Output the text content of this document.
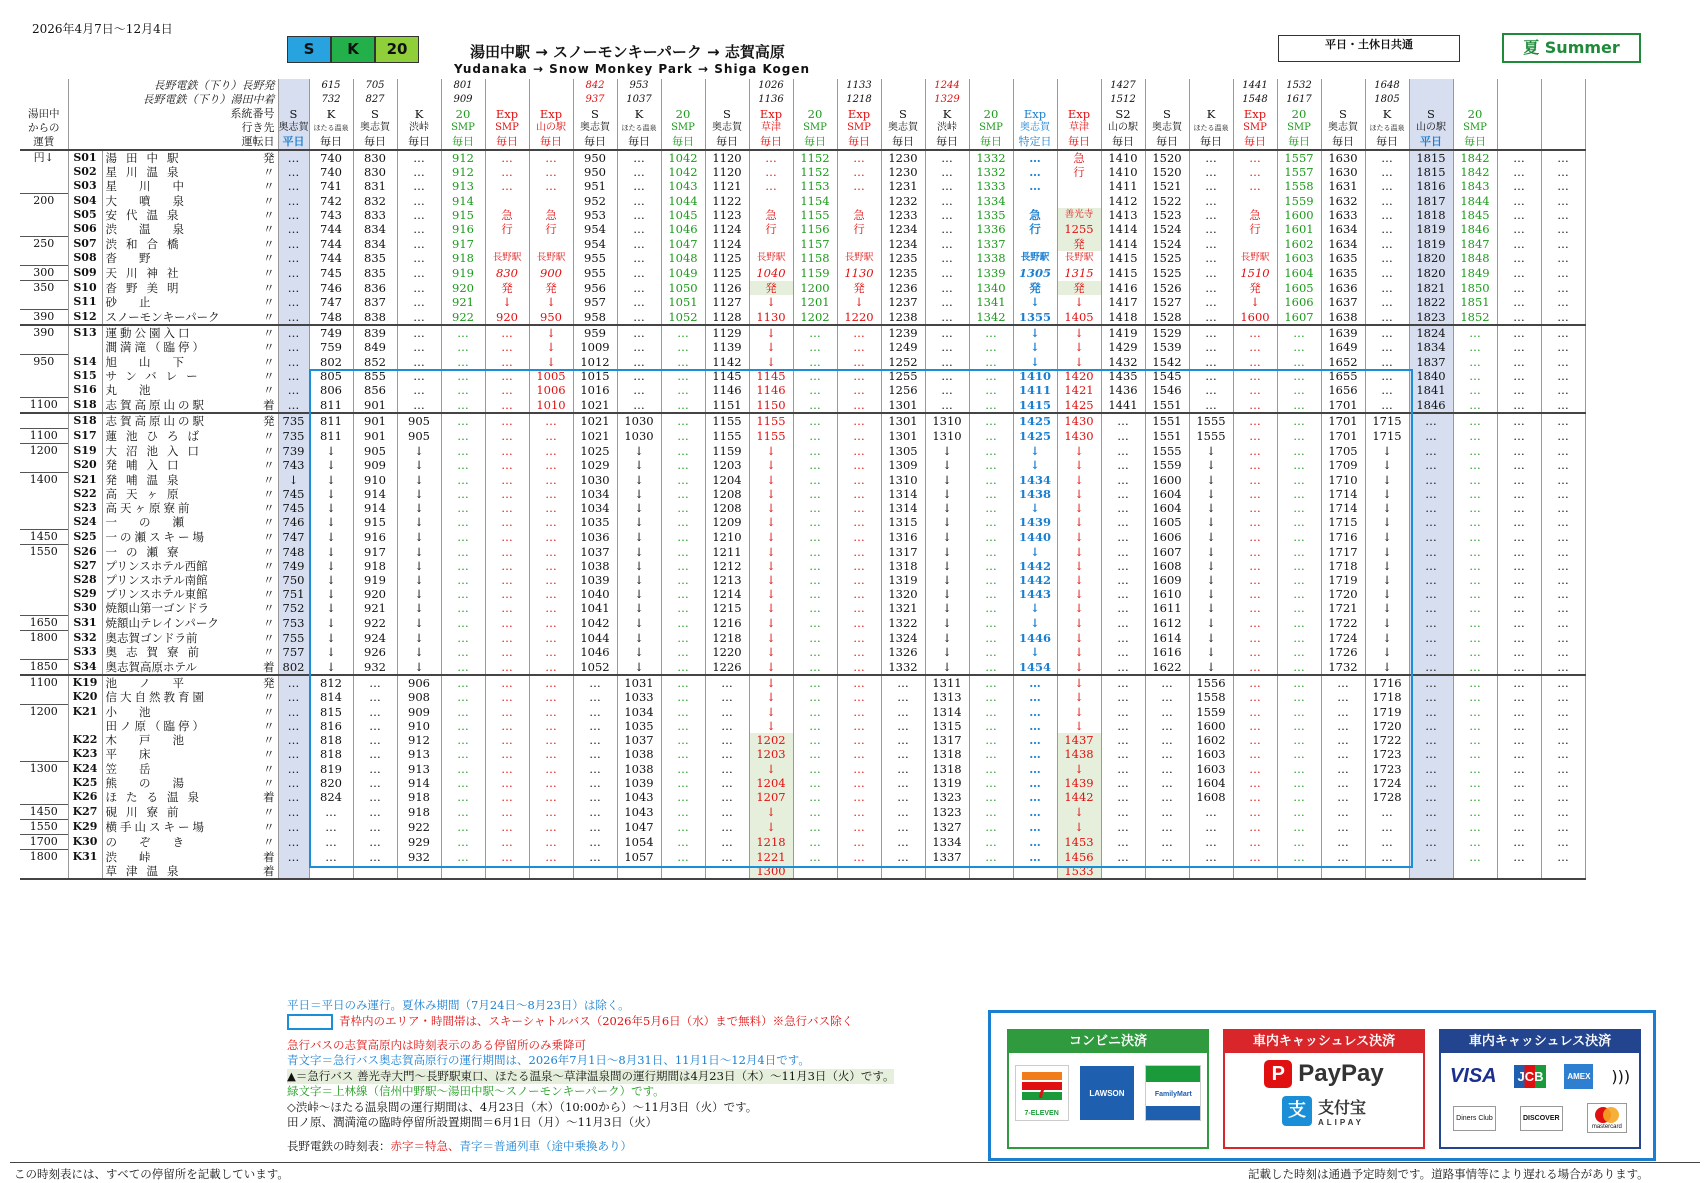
2026年4月7日～12月4日
S	K	20	湯田中駅 → スノーモンキーパーク → 志賀高原
Yudanaka → Snow Monkey Park → Shiga Kogen
平日・土休日共通	夏 Summer
	長野電鉄（下り）長野発			615	705		801			842	953			1026		1133		1244				1427			1441	1532		1648				
	長野電鉄（下り）湯田中着			732	827		909			937	1037			1136		1218		1329				1512			1548	1617		1805				
湯田中	系統番号		S	K	S	K	20	Exp	Exp	S	K	20	S	Exp	20	Exp	S	K	20	Exp	Exp	S2	S	K	Exp	20	S	K	S	20		
からの	行き先		奥志賀	ほたる温泉	奥志賀	渋峠	SMP	SMP	山の駅	奥志賀	ほたる温泉	SMP	奥志賀	草津	SMP	SMP	奥志賀	渋峠	SMP	奥志賀	草津	山の駅	奥志賀	ほたる温泉	SMP	SMP	奥志賀	ほたる温泉	山の駅	SMP		
運賃	運転日		平日	毎日	毎日	毎日	毎日	毎日	毎日	毎日	毎日	毎日	毎日	毎日	毎日	毎日	毎日	毎日	毎日	特定日	毎日	毎日	毎日	毎日	毎日	毎日	毎日	毎日	平日	毎日		
円↓	S01	湯田中駅 発	…	740	830	…	912	…	…	950	…	1042	1120	…	1152	…	1230	…	1332	…	急	1410	1520	…	…	1557	1630	…	1815	1842	…	…
	S02	星川温泉 〃	…	740	830	…	912	…	…	950	…	1042	1120	…	1152	…	1230	…	1332	…	行	1410	1520	…	…	1557	1630	…	1815	1842	…	…
	S03	星川中 〃	…	741	831	…	913	…	…	951	…	1043	1121	…	1153	…	1231	…	1333	…		1411	1521	…	…	1558	1631	…	1816	1843	…	…
200	S04	大噴泉 〃	…	742	832	…	914			952	…	1044	1122		1154		1232	…	1334			1412	1522	…		1559	1632	…	1817	1844	…	…
	S05	安代温泉 〃	…	743	833	…	915	急	急	953	…	1045	1123	急	1155	急	1233	…	1335	急	善光寺	1413	1523	…	急	1600	1633	…	1818	1845	…	…
	S06	渋温泉 〃	…	744	834	…	916	行	行	954	…	1046	1124	行	1156	行	1234	…	1336	行	1255	1414	1524	…	行	1601	1634	…	1819	1846	…	…
250	S07	渋和合橋 〃	…	744	834	…	917			954	…	1047	1124		1157		1234	…	1337		発	1414	1524	…		1602	1634	…	1819	1847	…	…
	S08	沓野 〃	…	744	835	…	918	長野駅	長野駅	955	…	1048	1125	長野駅	1158	長野駅	1235	…	1338	長野駅	長野駅	1415	1525	…	長野駅	1603	1635	…	1820	1848	…	…
300	S09	天川神社 〃	…	745	835	…	919	830	900	955	…	1049	1125	1040	1159	1130	1235	…	1339	1305	1315	1415	1525	…	1510	1604	1635	…	1820	1849	…	…
350	S10	沓野美明 〃	…	746	836	…	920	発	発	956	…	1050	1126	発	1200	発	1236	…	1340	発	発	1416	1526	…	発	1605	1636	…	1821	1850	…	…
	S11	砂止 〃	…	747	837	…	921	↓	↓	957	…	1051	1127	↓	1201	↓	1237	…	1341	↓	↓	1417	1527	…	↓	1606	1637	…	1822	1851	…	…
390	S12	スノーモンキーパーク 〃	…	748	838	…	922	920	950	958	…	1052	1128	1130	1202	1220	1238	…	1342	1355	1405	1418	1528	…	1600	1607	1638	…	1823	1852	…	…
390	S13	運動公園入口 〃	…	749	839	…	…	…	↓	959	…	…	1129	↓	…	…	1239	…	…	↓	↓	1419	1529	…	…	…	1639	…	1824	…	…	…

		澗満滝（臨停） 〃	…	759	849	…	…	…	↓	1009	…	…	1139	↓	…	…	1249	…	…	↓	↓	1429	1539	…	…	…	1649	…	1834	…	…	…
950	S14	旭山下 〃	…	802	852	…	…	…	↓	1012	…	…	1142	↓	…	…	1252	…	…	↓	↓	1432	1542	…	…	…	1652	…	1837	…	…	…
	S15	サンバレー 〃	…	805	855	…	…	…	1005	1015	…	…	1145	1145	…	…	1255	…	…	1410	1420	1435	1545	…	…	…	1655	…	1840	…	…	…
	S16	丸池 〃	…	806	856	…	…	…	1006	1016	…	…	1146	1146	…	…	1256	…	…	1411	1421	1436	1546	…	…	…	1656	…	1841	…	…	…
1100	S18	志賀高原山の駅 着	…	811	901	…	…	…	1010	1021	…	…	1151	1150	…	…	1301	…	…	1415	1425	1441	1551	…	…	…	1701	…	1846	…	…	…
	S18	志賀高原山の駅 発	735	811	901	905	…	…	…	1021	1030	…	1155	1155	…	…	1301	1310	…	1425	1430	…	1551	1555	…	…	1701	1715	…	…	…	…
1100	S17	蓮池ひろば 〃	735	811	901	905	…	…	…	1021	1030	…	1155	1155	…	…	1301	1310	…	1425	1430	…	1551	1555	…	…	1701	1715	…	…	…	…
1200	S19	大沼池入口 〃	739	↓	905	↓	…	…	…	1025	↓	…	1159	↓	…	…	1305	↓	…	↓	↓	…	1555	↓	…	…	1705	↓	…	…	…	…
	S20	発哺入口 〃	743	↓	909	↓	…	…	…	1029	↓	…	1203	↓	…	…	1309	↓	…	↓	↓	…	1559	↓	…	…	1709	↓	…	…	…	…
1400	S21	発哺温泉 〃	↓	↓	910	↓	…	…	…	1030	↓	…	1204	↓	…	…	1310	↓	…	1434	↓	…	1600	↓	…	…	1710	↓	…	…	…	…
	S22	高天ヶ原 〃	745	↓	914	↓	…	…	…	1034	↓	…	1208	↓	…	…	1314	↓	…	1438	↓	…	1604	↓	…	…	1714	↓	…	…	…	…
	S23	高天ヶ原寮前 〃	745	↓	914	↓	…	…	…	1034	↓	…	1208	↓	…	…	1314	↓	…	↓	↓	…	1604	↓	…	…	1714	↓	…	…	…	…
	S24	一の瀬 〃	746	↓	915	↓	…	…	…	1035	↓	…	1209	↓	…	…	1315	↓	…	1439	↓	…	1605	↓	…	…	1715	↓	…	…	…	…
1450	S25	一の瀬スキー場 〃	747	↓	916	↓	…	…	…	1036	↓	…	1210	↓	…	…	1316	↓	…	1440	↓	…	1606	↓	…	…	1716	↓	…	…	…	…
1550	S26	一の瀬寮 〃	748	↓	917	↓	…	…	…	1037	↓	…	1211	↓	…	…	1317	↓	…	↓	↓	…	1607	↓	…	…	1717	↓	…	…	…	…
	S27	プリンスホテル西館 〃	749	↓	918	↓	…	…	…	1038	↓	…	1212	↓	…	…	1318	↓	…	1442	↓	…	1608	↓	…	…	1718	↓	…	…	…	…
	S28	プリンスホテル南館 〃	750	↓	919	↓	…	…	…	1039	↓	…	1213	↓	…	…	1319	↓	…	1442	↓	…	1609	↓	…	…	1719	↓	…	…	…	…
	S29	プリンスホテル東館 〃	751	↓	920	↓	…	…	…	1040	↓	…	1214	↓	…	…	1320	↓	…	1443	↓	…	1610	↓	…	…	1720	↓	…	…	…	…
	S30	焼額山第一ゴンドラ 〃	752	↓	921	↓	…	…	…	1041	↓	…	1215	↓	…	…	1321	↓	…	↓	↓	…	1611	↓	…	…	1721	↓	…	…	…	…
1650	S31	焼額山テレインパーク 〃	753	↓	922	↓	…	…	…	1042	↓	…	1216	↓	…	…	1322	↓	…	↓	↓	…	1612	↓	…	…	1722	↓	…	…	…	…
1800	S32	奥志賀ゴンドラ前 〃	755	↓	924	↓	…	…	…	1044	↓	…	1218	↓	…	…	1324	↓	…	1446	↓	…	1614	↓	…	…	1724	↓	…	…	…	…
	S33	奥志賀寮前 〃	757	↓	926	↓	…	…	…	1046	↓	…	1220	↓	…	…	1326	↓	…	↓	↓	…	1616	↓	…	…	1726	↓	…	…	…	…
1850	S34	奥志賀高原ホテル 着	802	↓	932	↓	…	…	…	1052	↓	…	1226	↓	…	…	1332	↓	…	1454	↓	…	1622	↓	…	…	1732	↓	…	…	…	…
1100	K19	池ノ平 発	…	812	…	906	…	…	…	…	1031	…	…	↓	…	…	…	1311	…	…	↓	…	…	1556	…	…	…	1716	…	…	…	…
	K20	信大自然教育園 〃	…	814	…	908	…	…	…	…	1033	…	…	↓	…	…	…	1313	…	…	↓	…	…	1558	…	…	…	1718	…	…	…	…
1200	K21	小池 〃	…	815	…	909	…	…	…	…	1034	…	…	↓	…	…	…	1314	…	…	↓	…	…	1559	…	…	…	1719	…	…	…	…

		田ノ原（臨停） 〃	…	816	…	910	…	…	…	…	1035	…	…	↓	…	…	…	1315	…	…	↓	…	…	1600	…	…	…	1720	…	…	…	…
	K22	木戸池 〃	…	818	…	912	…	…	…	…	1037	…	…	1202	…	…	…	1317	…	…	1437	…	…	1602	…	…	…	1722	…	…	…	…
	K23	平床 〃	…	818	…	913	…	…	…	…	1038	…	…	1203	…	…	…	1318	…	…	1438	…	…	1603	…	…	…	1723	…	…	…	…
1300	K24	笠岳 〃	…	819	…	913	…	…	…	…	1038	…	…	↓	…	…	…	1318	…	…	↓	…	…	1603	…	…	…	1723	…	…	…	…
	K25	熊の湯 〃	…	820	…	914	…	…	…	…	1039	…	…	1204	…	…	…	1319	…	…	1439	…	…	1604	…	…	…	1724	…	…	…	…
	K26	ほたる温泉 着	…	824	…	918	…	…	…	…	1043	…	…	1207	…	…	…	1323	…	…	1442	…	…	1608	…	…	…	1728	…	…	…	…
1450	K27	硯川寮前 〃	…	…	…	918	…	…	…	…	1043	…	…	↓	…	…	…	1323	…	…	↓	…	…	…	…	…	…	…	…	…	…	…
1550	K29	横手山スキー場 〃	…	…	…	922	…	…	…	…	1047	…	…	↓	…	…	…	1327	…	…	↓	…	…	…	…	…	…	…	…	…	…	…
1700	K30	のぞき 〃	…	…	…	929	…	…	…	…	1054	…	…	1218	…	…	…	1334	…	…	1453	…	…	…	…	…	…	…	…	…	…	…
1800	K31	渋峠 着	…	…	…	932	…	…	…	…	1057	…	…	1221	…	…	…	1337	…	…	1456	…	…	…	…	…	…	…	…	…	…	…

		草津温泉 着												1300							1533											
平日＝平日のみ運行。夏休み期間（7月24日～8月23日）は除く。
青枠内のエリア・時間帯は、スキーシャトルバス（2026年5月6日（水）まで無料）※急行バス除く
急行バスの志賀高原内は時刻表示のある停留所のみ乗降可
青文字＝急行バス奥志賀高原行の運行期間は、2026年7月1日～8月31日、11月1日～12月4日です。
▲＝急行バス 善光寺大門～長野駅東口、ほたる温泉～草津温泉間の運行期間は4月23日（木）～11月3日（火）です。
緑文字＝上林線（信州中野駅～湯田中駅～スノーモンキーパーク）です。
◇渋峠～ほたる温泉間の運行期間は、4月23日（木）（10:00から）～11月3日（火）です。
田ノ原、澗満滝の臨時停留所設置期間＝6月1日（月）～11月3日（火）
長野電鉄の時刻表：赤字＝特急、青字＝普通列車（途中乗換あり）
コンビニ決済
7
7-ELEVEN
LAWSON	FamilyMart
車内キャッシュレス決済
P PayPay
支 支付宝
ALIPAY
車内キャッシュレス決済
VISA JCB	AMEX )))
Diners Club	DISCOVER
mastercard
この時刻表には、すべての停留所を記載しています。	記載した時刻は通過予定時刻です。道路事情等により遅れる場合があります。
